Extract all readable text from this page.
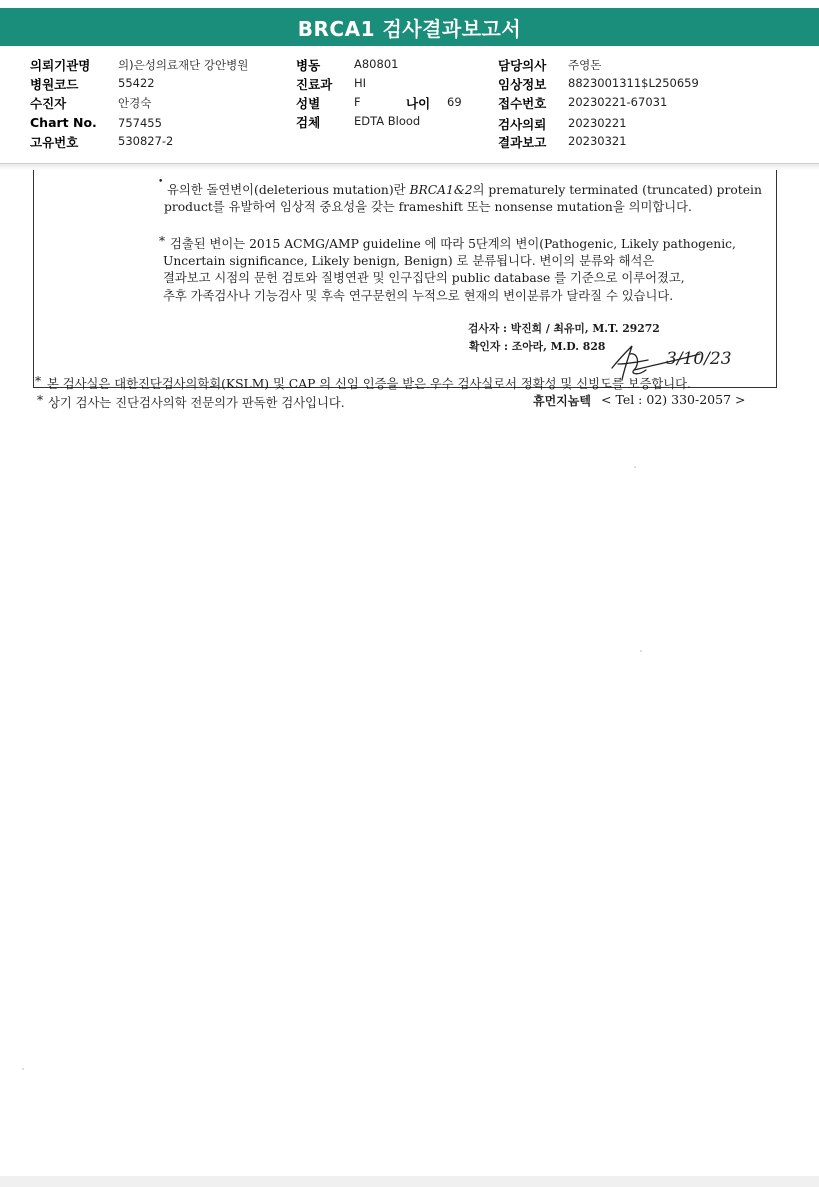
BRCA1 검사결과보고서
의뢰기관명 의)은성의료재단 강안병원	병동	A80801	담당의사 주영돈
병원코드	55422	진료과 HI	임상정보 8823001311$L250659
수진자	안경숙	성별	F	나이 69	접수번호 20230221-67031
Chart No. 757455	검체	EDTA Blood	검사의뢰 20230221
고유번호	530827-2	결과보고 20230321
•
유의한 돌연변이(deleterious mutation)란 BRCA1&2의 prematurely terminated (truncated) protein
product를 유발하여 임상적 중요성을 갖는 frameshift 또는 nonsense mutation을 의미합니다.
* 검출된 변이는 2015 ACMG/AMP guideline 에 따라 5단계의 변이(Pathogenic, Likely pathogenic,
Uncertain significance, Likely benign, Benign) 로 분류됩니다. 변이의 분류와 해석은
결과보고 시점의 문헌 검토와 질병연관 및 인구집단의 public database 를 기준으로 이루어졌고,
추후 가족검사나 기능검사 및 후속 연구문헌의 누적으로 현재의 변이분류가 달라질 수 있습니다.
검사자 : 박진희 / 최유미, M.T. 29272
확인자 : 조아라, M.D. 828
3/10/23
* 본 검사실은 대한진단검사의학회(KSLM) 및 CAP 의 신임 인증을 받은 우수 검사실로서 정확성 및 신빙도를 보증합니다.
* 상기 검사는 진단검사의학 전문의가 판독한 검사입니다.	휴먼지놈텍 < Tel : 02) 330-2057 >
